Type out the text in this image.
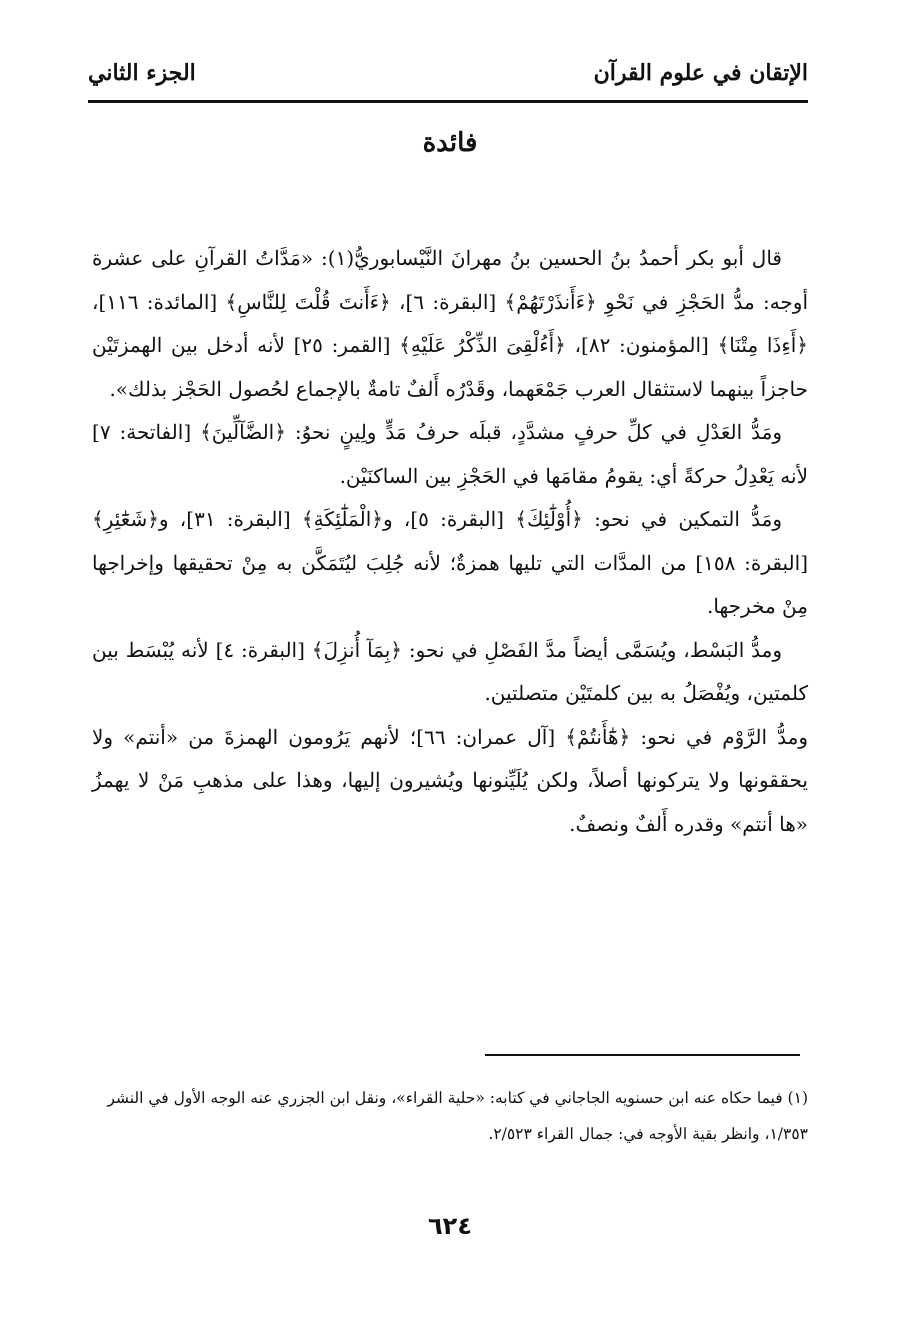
الإتقان في علوم القرآن
الجزء الثاني
فائدة

قال أبو بكر أحمدُ بنُ الحسين بنُ مهرانَ النَّيْسابوريُّ(١): «مَدَّاتُ القرآنِ على عشرة أوجه: مدُّ الحَجْزِ في نَحْوِ ﴿ءَأَنذَرْتَهُمْ﴾ [البقرة: ٦]، ﴿ءَأَنتَ قُلْتَ لِلنَّاسِ﴾ [المائدة: ١١٦]، ﴿أَءِذَا مِتْنَا﴾ [المؤمنون: ٨٢]، ﴿أَءُلْقِىَ الذِّكْرُ عَلَيْهِ﴾ [القمر: ٢٥] لأنه أدخل بين الهمزتَيْن حاجزاً بينهما لاستثقال العرب جَمْعَهما، وقَدْرُه أَلفٌ تامةٌ بالإجماع لحُصول الحَجْز بذلك».

ومَدُّ العَدْلِ في كلِّ حرفٍ مشدَّدٍ، قبلَه حرفُ مَدٍّ ولِينٍ نحوُ: ﴿الضَّآلِّينَ﴾ [الفاتحة: ٧] لأنه يَعْدِلُ حركةً أي: يقومُ مقامَها في الحَجْزِ بين الساكنَيْن.

ومَدُّ التمكين في نحو: ﴿أُوْلَٰٓئِكَ﴾ [البقرة: ٥]، و﴿الْمَلَٰٓئِكَةِ﴾ [البقرة: ٣١]، و﴿شَعَٰٓئِرِ﴾ [البقرة: ١٥٨] من المدَّات التي تليها همزةٌ؛ لأنه جُلِبَ ليُتَمَكَّن به مِنْ تحقيقها وإخراجها مِنْ مخرجها.

ومدُّ البَسْط، ويُسَمَّى أيضاً مدَّ الفَصْلِ في نحو: ﴿بِمَآ أُنزِلَ﴾ [البقرة: ٤] لأنه يُبْسَط بين كلمتين، ويُفْصَلُ به بين كلمتَيْن متصلتين.

ومدُّ الرَّوْم في نحو: ﴿هَٰٓأَنتُمْ﴾ [آل عمران: ٦٦]؛ لأنهم يَرُومون الهمزةَ من «أنتم» ولا يحققونها ولا يتركونها أصلاً، ولكن يُلَيِّنونها ويُشيرون إليها، وهذا على مذهبِ مَنْ لا يهمزُ «ها أنتم» وقدره أَلفٌ ونصفٌ.

(١) فيما حكاه عنه ابن حسنويه الجاجاني في كتابه: «حلية القراء»، ونقل ابن الجزري عنه الوجه الأول في النشر ١/٣٥٣، وانظر بقية الأوجه في: جمال القراء ٢/٥٢٣.

٦٢٤
